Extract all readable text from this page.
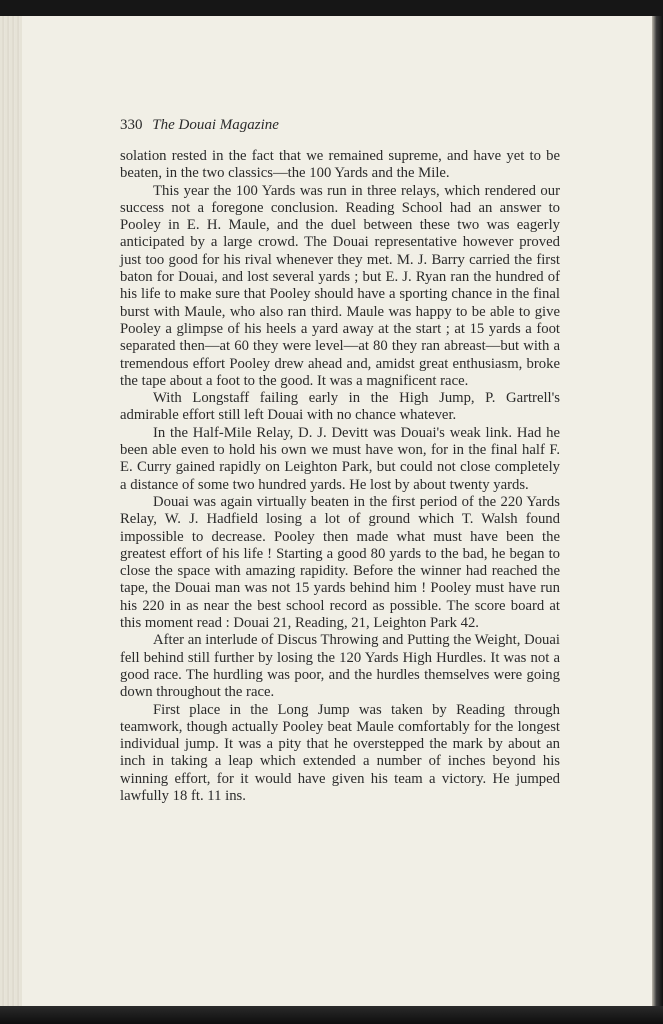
330 The Douai Magazine

solation rested in the fact that we remained supreme, and have yet to be beaten, in the two classics—the 100 Yards and the Mile.

This year the 100 Yards was run in three relays, which rendered our success not a foregone conclusion. Reading School had an answer to Pooley in E. H. Maule, and the duel between these two was eagerly anticipated by a large crowd. The Douai representative however proved just too good for his rival whenever they met. M. J. Barry carried the first baton for Douai, and lost several yards ; but E. J. Ryan ran the hundred of his life to make sure that Pooley should have a sporting chance in the final burst with Maule, who also ran third. Maule was happy to be able to give Pooley a glimpse of his heels a yard away at the start ; at 15 yards a foot separated then—at 60 they were level—at 80 they ran abreast—but with a tremendous effort Pooley drew ahead and, amidst great enthusiasm, broke the tape about a foot to the good. It was a magnificent race.

With Longstaff failing early in the High Jump, P. Gartrell's admirable effort still left Douai with no chance whatever.

In the Half-Mile Relay, D. J. Devitt was Douai's weak link. Had he been able even to hold his own we must have won, for in the final half F. E. Curry gained rapidly on Leighton Park, but could not close completely a distance of some two hundred yards. He lost by about twenty yards.

Douai was again virtually beaten in the first period of the 220 Yards Relay, W. J. Hadfield losing a lot of ground which T. Walsh found impossible to decrease. Pooley then made what must have been the greatest effort of his life ! Starting a good 80 yards to the bad, he began to close the space with amazing rapidity. Before the winner had reached the tape, the Douai man was not 15 yards behind him ! Pooley must have run his 220 in as near the best school record as possible. The score board at this moment read : Douai 21, Reading, 21, Leighton Park 42.

After an interlude of Discus Throwing and Putting the Weight, Douai fell behind still further by losing the 120 Yards High Hurdles. It was not a good race. The hurdling was poor, and the hurdles themselves were going down throughout the race.

First place in the Long Jump was taken by Reading through teamwork, though actually Pooley beat Maule comfortably for the longest individual jump. It was a pity that he overstepped the mark by about an inch in taking a leap which extended a number of inches beyond his winning effort, for it would have given his team a victory. He jumped lawfully 18 ft. 11 ins.
